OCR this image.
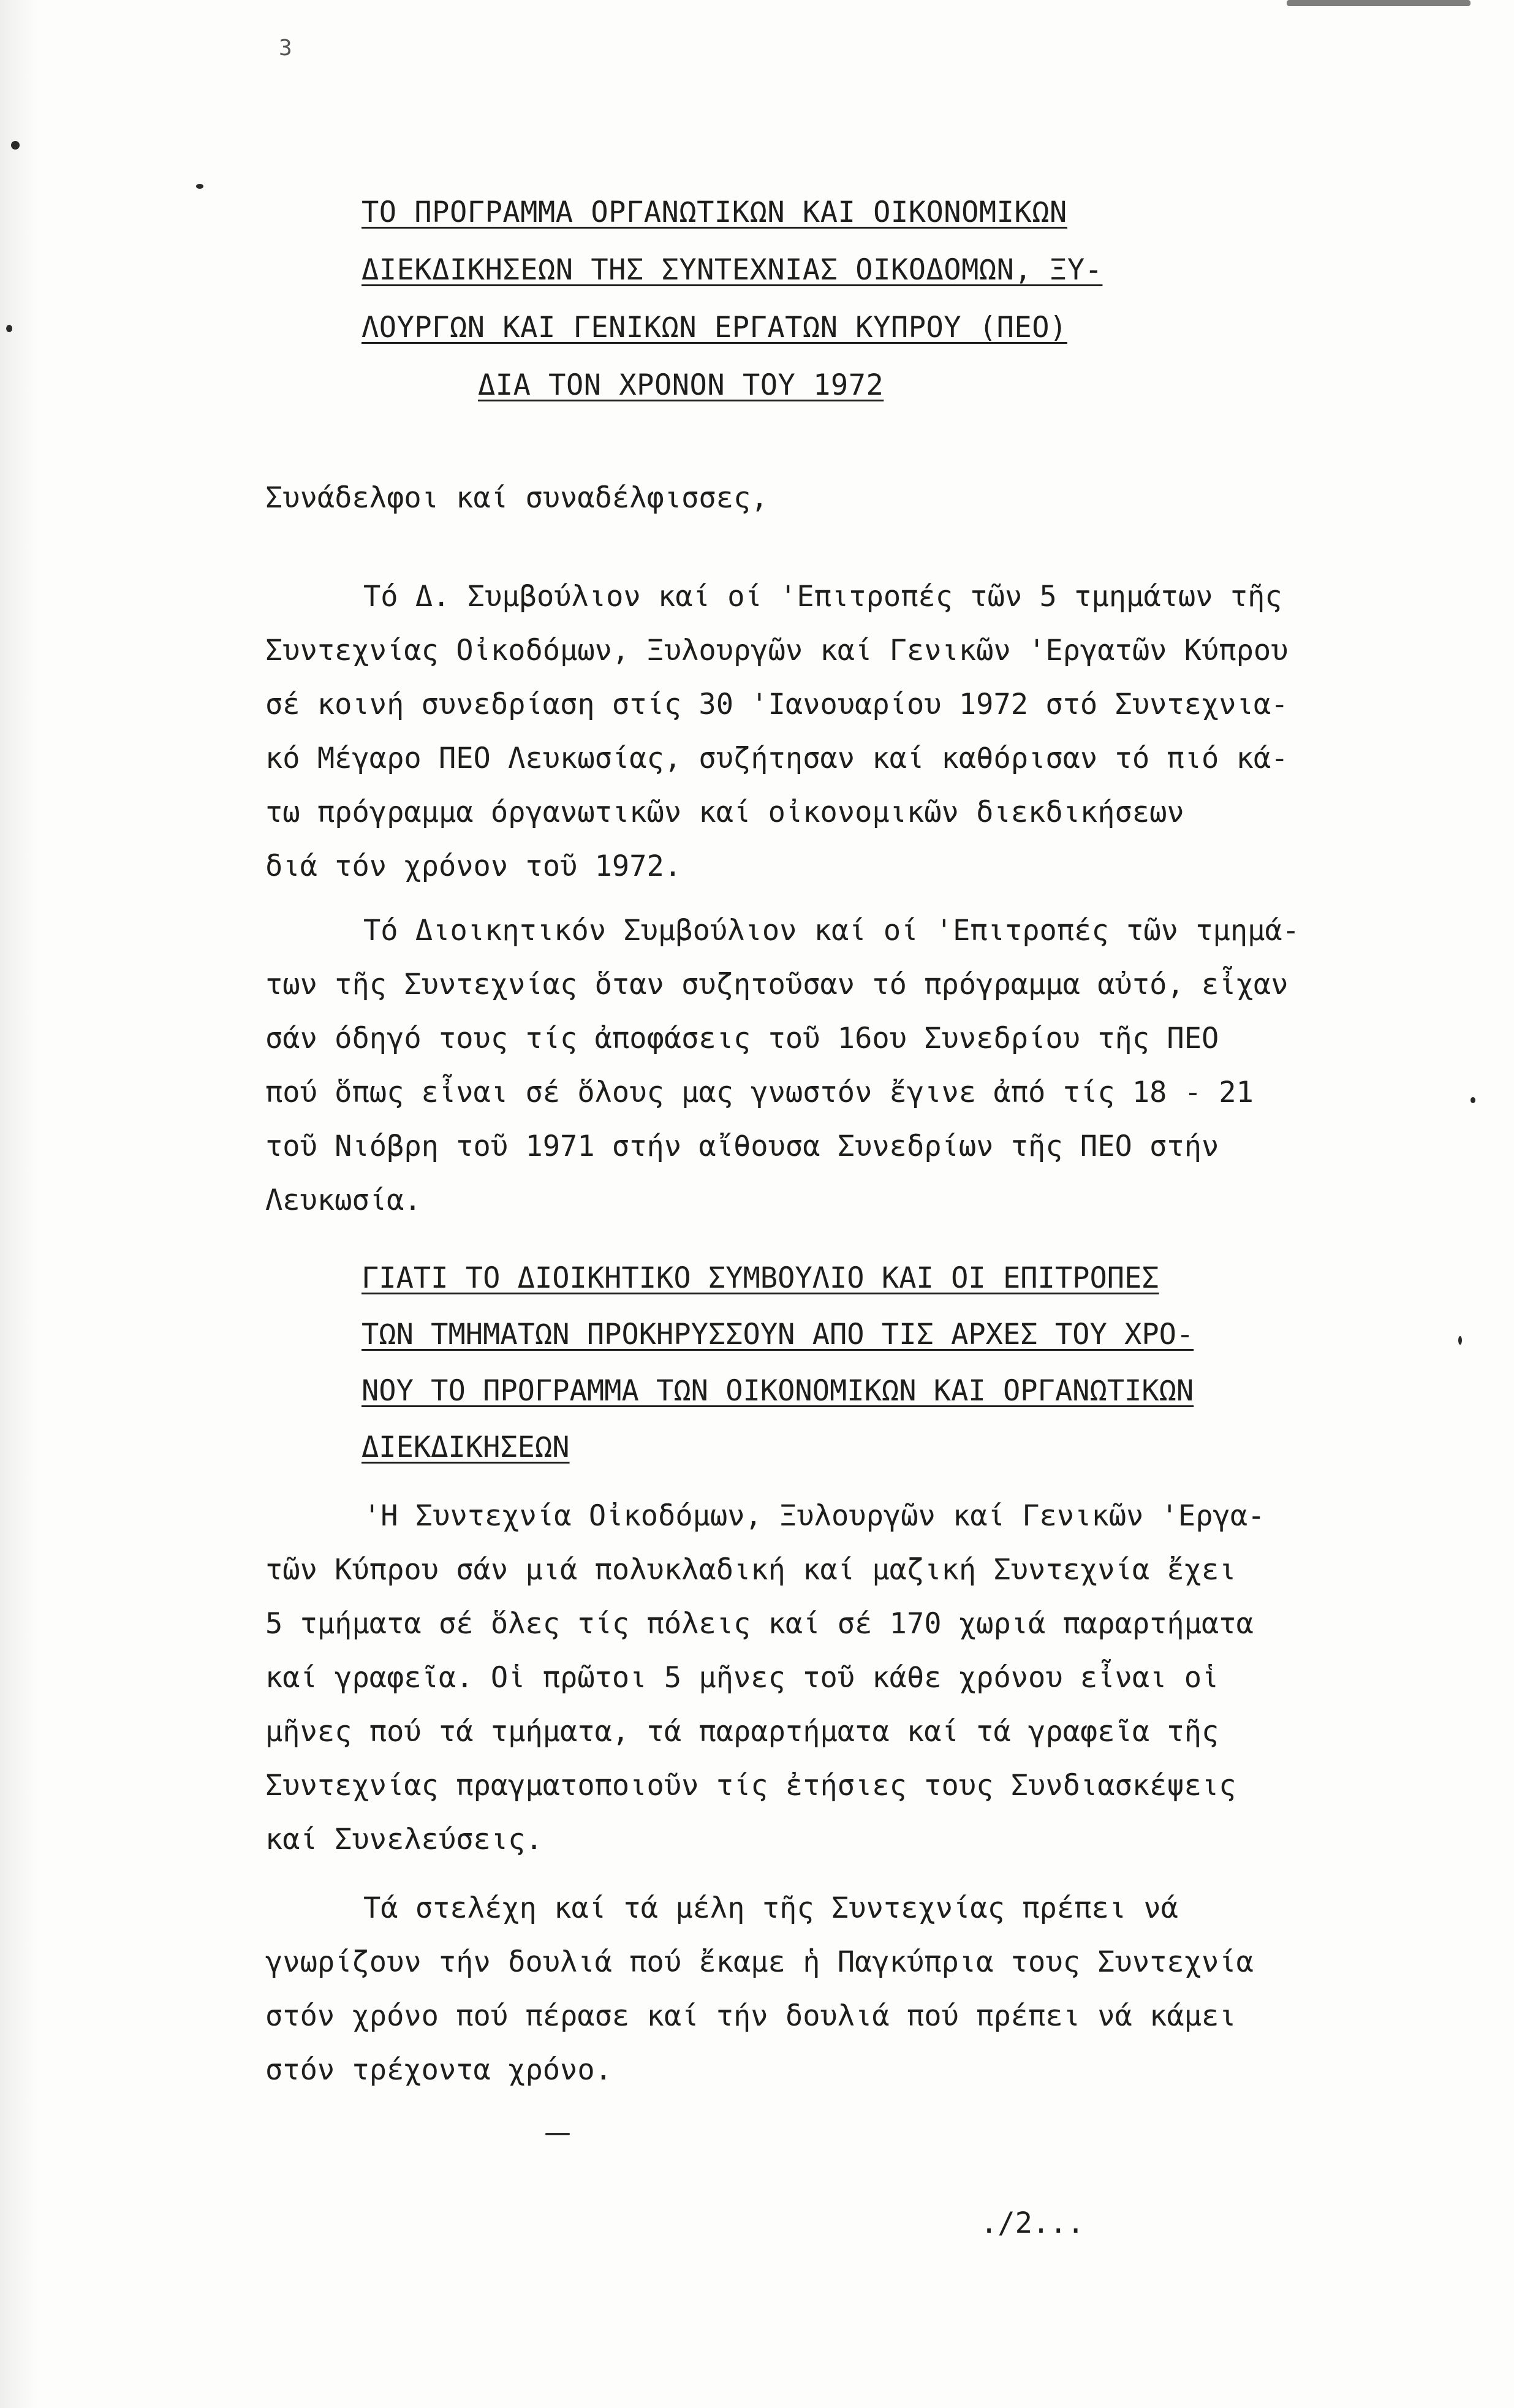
3
ΤΟ ΠΡΟΓΡΑΜΜΑ ΟΡΓΑΝΩΤΙΚΩΝ ΚΑΙ ΟΙΚΟΝΟΜΙΚΩΝ
ΔΙΕΚΔΙΚΗΣΕΩΝ ΤΗΣ ΣΥΝΤΕΧΝΙΑΣ ΟΙΚΟΔΟΜΩΝ, ΞΥ-
ΛΟΥΡΓΩΝ ΚΑΙ ΓΕΝΙΚΩΝ ΕΡΓΑΤΩΝ ΚΥΠΡΟΥ (ΠΕΟ)
ΔΙΑ ΤΟΝ ΧΡΟΝΟΝ ΤΟΥ 1972
Συνάδελφοι καί συναδέλφισσες,
Τό Δ. Συμβούλιον καί οί 'Επιτροπές τῶν 5 τμημάτων τῆς
Συντεχνίας Οἰκοδόμων, Ξυλουργῶν καί Γενικῶν 'Εργατῶν Κύπρου
σέ κοινή συνεδρίαση στίς 30 'Ιανουαρίου 1972 στό Συντεχνια-
κό Μέγαρο ΠΕΟ Λευκωσίας, συζήτησαν καί καθόρισαν τό πιό κά-
τω πρόγραμμα όργανωτικῶν καί οἰκονομικῶν διεκδικήσεων
διά τόν χρόνον τοῦ 1972.
Τό Διοικητικόν Συμβούλιον καί οί 'Επιτροπές τῶν τμημά-
των τῆς Συντεχνίας ὅταν συζητοῦσαν τό πρόγραμμα αὐτό, εἶχαν
σάν όδηγό τους τίς ἀποφάσεις τοῦ 16ου Συνεδρίου τῆς ΠΕΟ
πού ὅπως εἶναι σέ ὅλους μας γνωστόν ἔγινε ἀπό τίς 18 - 21
τοῦ Νιόβρη τοῦ 1971 στήν αἴθουσα Συνεδρίων τῆς ΠΕΟ στήν
Λευκωσία.
ΓΙΑΤΙ ΤΟ ΔΙΟΙΚΗΤΙΚΟ ΣΥΜΒΟΥΛΙΟ ΚΑΙ ΟΙ ΕΠΙΤΡΟΠΕΣ
ΤΩΝ ΤΜΗΜΑΤΩΝ ΠΡΟΚΗΡΥΣΣΟΥΝ ΑΠΟ ΤΙΣ ΑΡΧΕΣ ΤΟΥ ΧΡΟ-
ΝΟΥ ΤΟ ΠΡΟΓΡΑΜΜΑ ΤΩΝ ΟΙΚΟΝΟΜΙΚΩΝ ΚΑΙ ΟΡΓΑΝΩΤΙΚΩΝ
ΔΙΕΚΔΙΚΗΣΕΩΝ
'Η Συντεχνία Οἰκοδόμων, Ξυλουργῶν καί Γενικῶν 'Εργα-
τῶν Κύπρου σάν μιά πολυκλαδική καί μαζική Συντεχνία ἔχει
5 τμήματα σέ ὅλες τίς πόλεις καί σέ 170 χωριά παραρτήματα
καί γραφεῖα. Οἱ πρῶτοι 5 μῆνες τοῦ κάθε χρόνου εἶναι οἱ
μῆνες πού τά τμήματα, τά παραρτήματα καί τά γραφεῖα τῆς
Συντεχνίας πραγματοποιοῦν τίς ἐτήσιες τους Συνδιασκέψεις
καί Συνελεύσεις.
Τά στελέχη καί τά μέλη τῆς Συντεχνίας πρέπει νά
γνωρίζουν τήν δουλιά πού ἔκαμε ἡ Παγκύπρια τους Συντεχνία
στόν χρόνο πού πέρασε καί τήν δουλιά πού πρέπει νά κάμει
στόν τρέχοντα χρόνο.
./2...
